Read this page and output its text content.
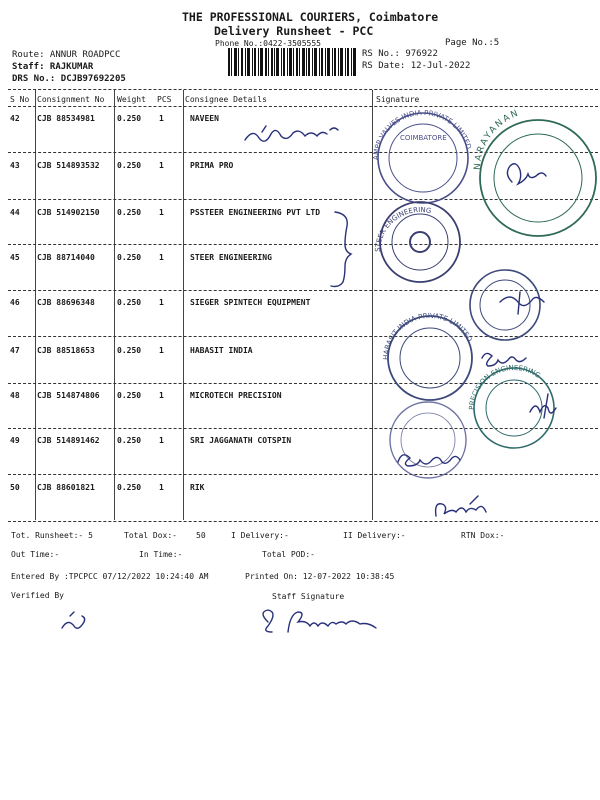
THE PROFESSIONAL COURIERS, Coimbatore
Delivery Runsheet - PCC
Phone No.:0422-3505555	Page No.:5
Route: ANNUR ROADPCC
Staff: RAJKUMAR
DRS No.: DCJB97692205
RS No.: 976922
RS Date: 12-Jul-2022
S No Consignment No Weight PCS Consignee Details	Signature
42 CJB 88534981	0.250 1	NAVEEN
43 CJB 514893532 0.250 1	PRIMA PRO
44 CJB 514902150 0.250 1	PSSTEER ENGINEERING PVT LTD
45 CJB 88714040	0.250 1	STEER ENGINEERING
46 CJB 88696348	0.250 1	SIEGER SPINTECH EQUIPMENT
47 CJB 88518653	0.250 1	HABASIT INDIA
48 CJB 514874806 0.250 1	MICROTECH PRECISION
49 CJB 514891462 0.250 1	SRI JAGGANATH COTSPIN
50 CJB 88601821	0.250 1	RIK
AMPP VALVES INDIA PRIVATE LIMITED
COIMBATORE
NARAYANAN
STEER ENGINEERING
HABASIT INDIA PRIVATE LIMITED
PRECISION ENGINEERING
Tot. Runsheet:- 5	Total Dox:- 50	I Delivery:-	II Delivery:-	RTN Dox:-
Out Time:-	In Time:-	Total POD:-
Entered By :TPCPCC 07/12/2022 10:24:40 AM	Printed On: 12-07-2022 10:38:45
Verified By	Staff Signature
